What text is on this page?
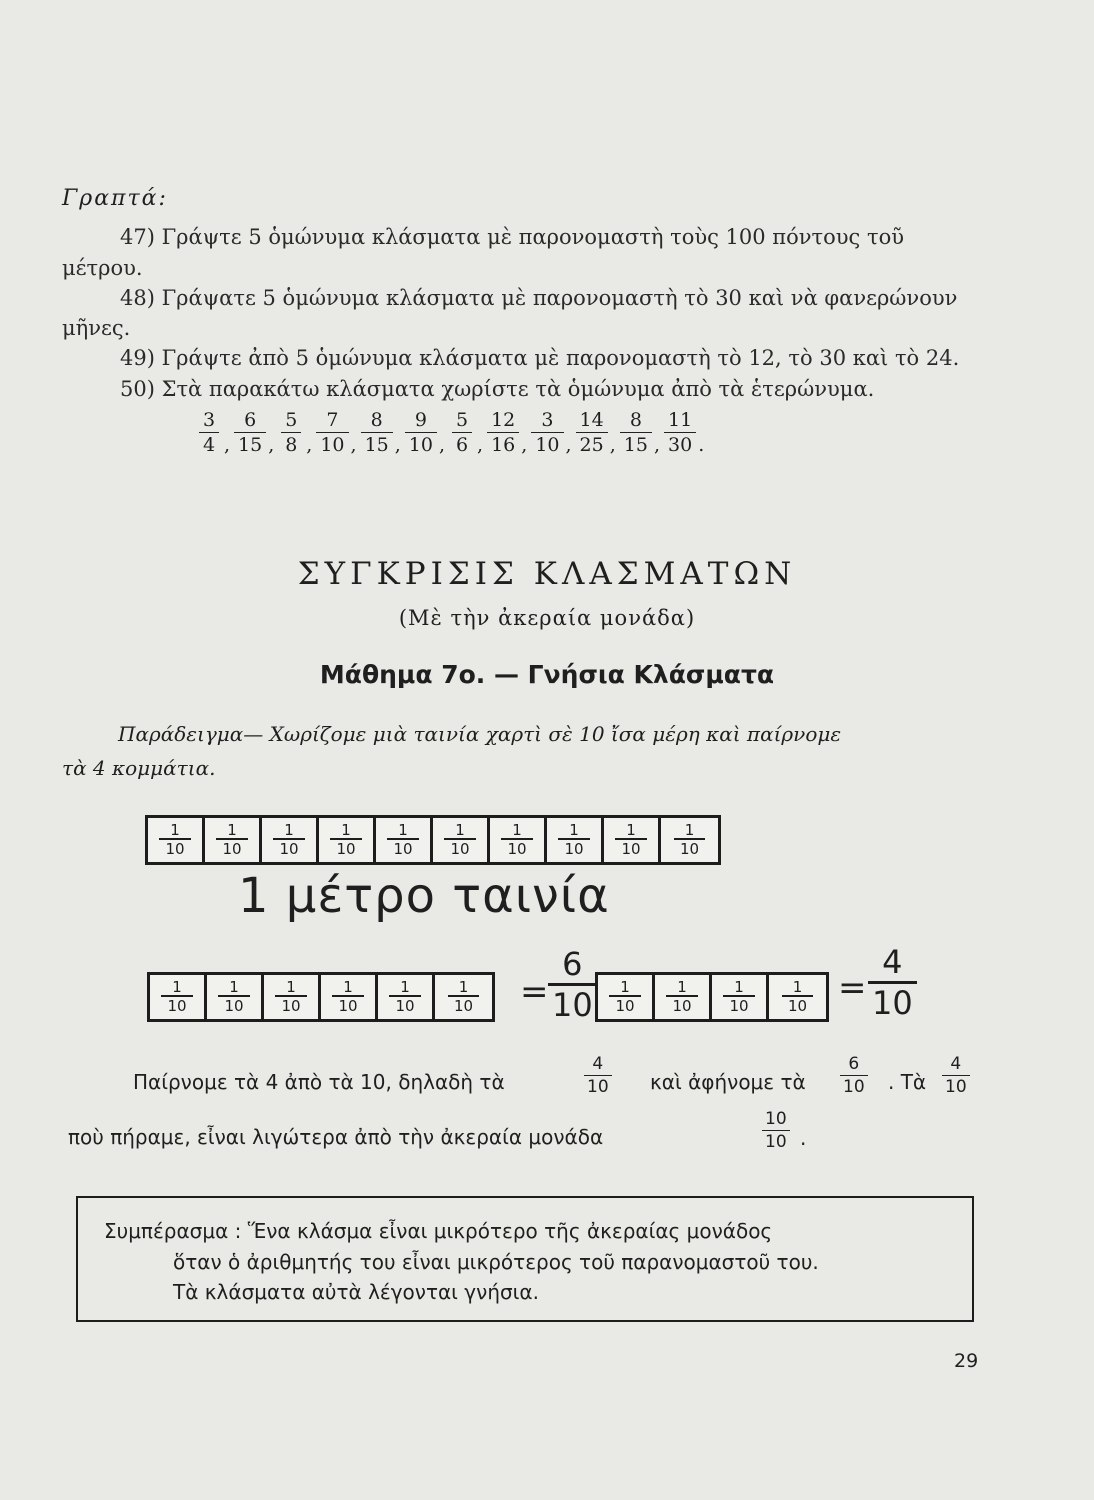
Γραπτά:
47) Γράψτε 5 ὁμώνυμα κλάσματα μὲ παρονομαστὴ τοὺς 100 πόντους τοῦ
μέτρου.
48) Γράψατε 5 ὁμώνυμα κλάσματα μὲ παρονομαστὴ τὸ 30 καὶ νὰ φανερώνουν
μῆνες.
49) Γράψτε ἀπὸ 5 ὁμώνυμα κλάσματα μὲ παρονομαστὴ τὸ 12, τὸ 30 καὶ τὸ 24.
50) Στὰ παρακάτω κλάσματα χωρίστε τὰ ὁμώνυμα ἀπὸ τὰ ἑτερώνυμα.
$\frac{3}{4}$ , $\frac{6}{15}$ , $\frac{5}{8}$ , $\frac{7}{10}$ , $\frac{8}{15}$ , $\frac{9}{10}$ , $\frac{5}{6}$ , $\frac{12}{16}$ , $\frac{3}{10}$ , $\frac{14}{25}$ , $\frac{8}{15}$ , $\frac{11}{30}$ .
ΣΥΓΚΡΙΣΙΣ ΚΛΑΣΜΑΤΩΝ
(Μὲ τὴν ἀκεραία μονάδα)
Μάθημα 7ο. — Γνήσια Κλάσματα
Παράδειγμα— Χωρίζομε μιὰ ταινία χαρτὶ σὲ 10 ἴσα μέρη καὶ παίρνομε
τὰ 4 κομμάτια.
$\frac{1}{10} \frac{1}{10} \frac{1}{10} \frac{1}{10} \frac{1}{10} \frac{1}{10} \frac{1}{10} \frac{1}{10} \frac{1}{10} \frac{1}{10}$
1 μέτρο ταινία
$\frac{1}{10} \frac{1}{10} \frac{1}{10} \frac{1}{10} \frac{1}{10} \frac{1}{10} = \frac{6}{10} \frac{1}{10} \frac{1}{10} \frac{1}{10} \frac{1}{10} = \frac{4}{10}$
Παίρνομε τὰ 4 ἀπὸ τὰ 10, δηλαδὴ τὰ	$\frac{4}{10}$ καὶ ἀφήνομε τὰ $\frac{6}{10}$ . Τὰ $\frac{4}{10}$
ποὺ πήραμε, εἶναι λιγώτερα ἀπὸ τὴν ἀκεραία μονάδα	$\frac{10}{10}$ .
Συμπέρασμα : Ἕνα κλάσμα εἶναι μικρότερο τῆς ἀκεραίας μονάδος
ὅταν ὁ ἀριθμητής του εἶναι μικρότερος τοῦ παρανομαστοῦ του.
Τὰ κλάσματα αὐτὰ λέγονται γνήσια.
29
